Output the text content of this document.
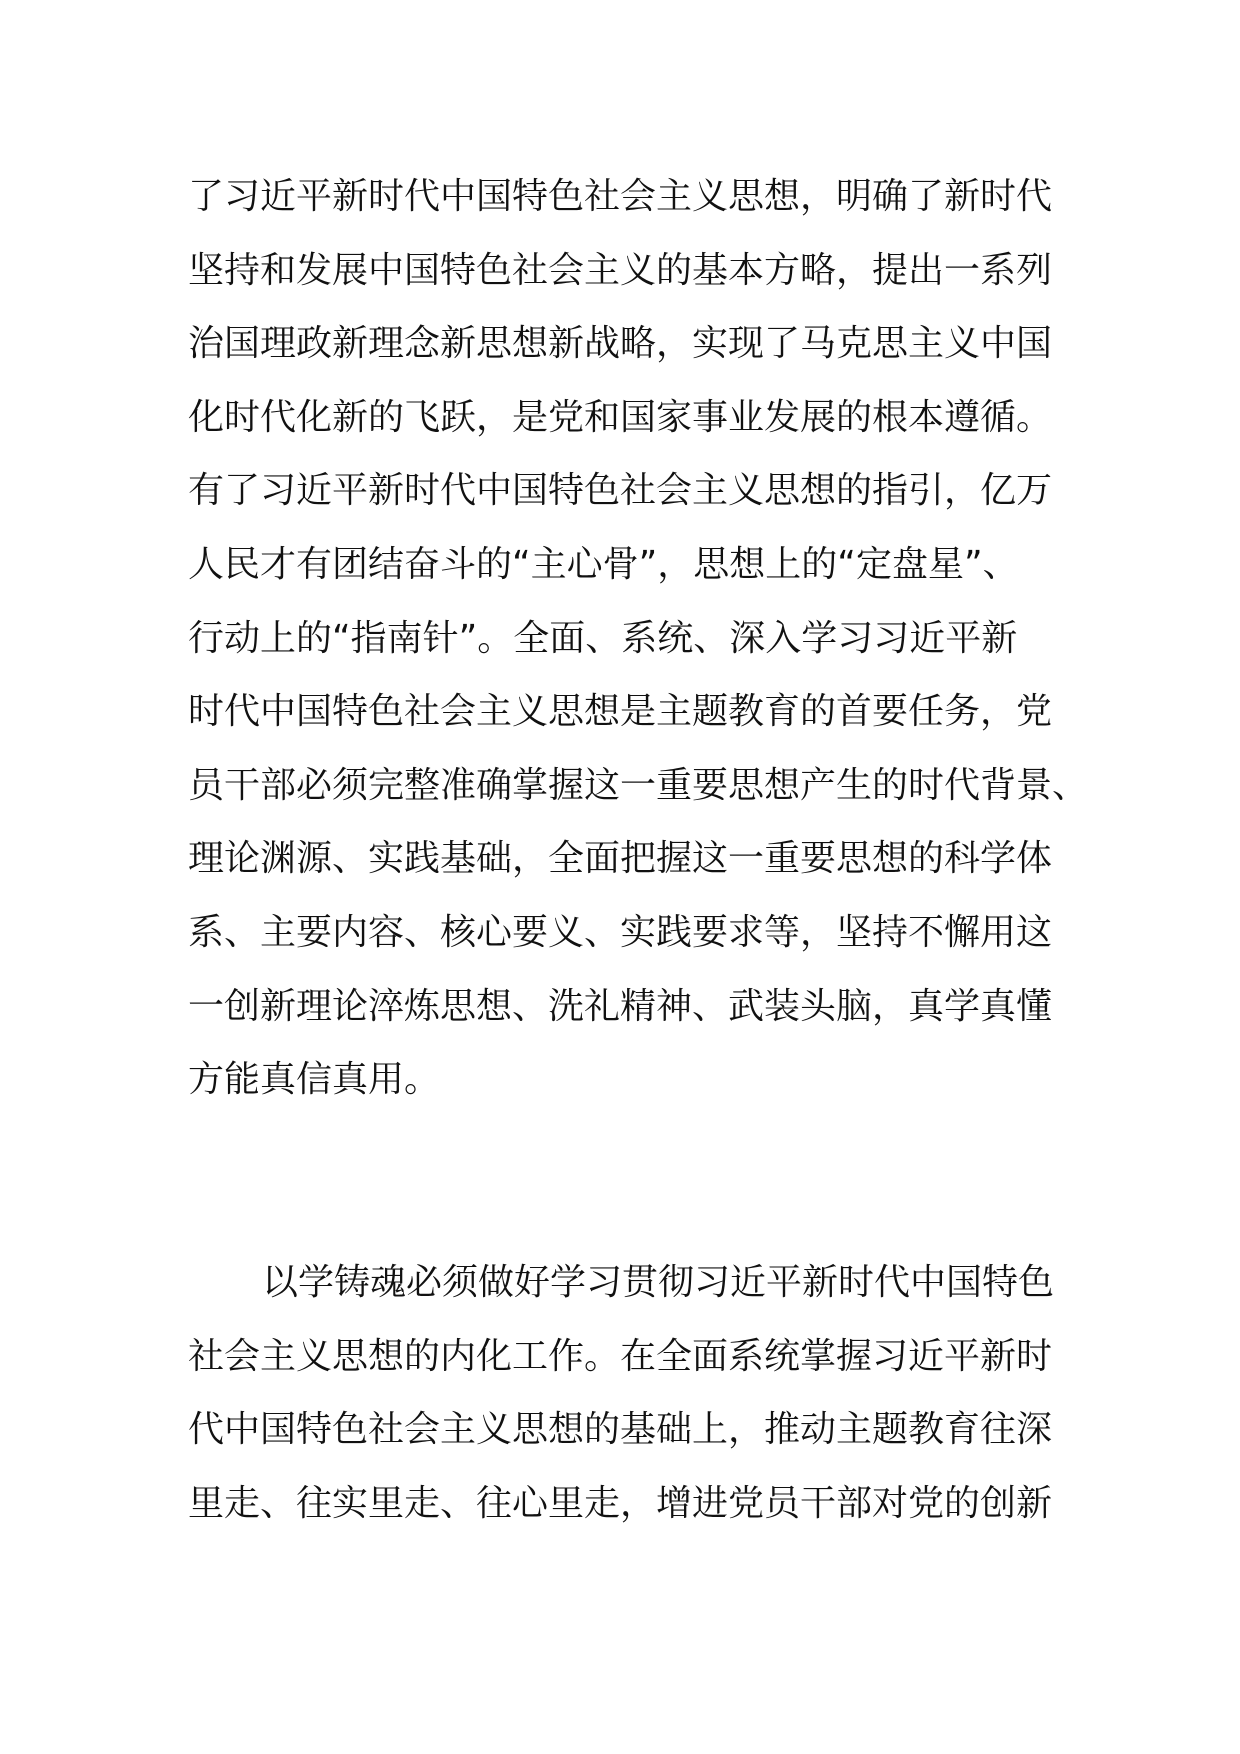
了习近平新时代中国特色社会主义思想，明确了新时代
坚持和发展中国特色社会主义的基本方略，提出一系列
治国理政新理念新思想新战略，实现了马克思主义中国
化时代化新的飞跃，是党和国家事业发展的根本遵循。
有了习近平新时代中国特色社会主义思想的指引，亿万
人民才有团结奋斗的“主心骨”，思想上的“定盘星”、
行动上的“指南针”。全面、系统、深入学习习近平新
时代中国特色社会主义思想是主题教育的首要任务，党
员干部必须完整准确掌握这一重要思想产生的时代背景、
理论渊源、实践基础，全面把握这一重要思想的科学体
系、主要内容、核心要义、实践要求等，坚持不懈用这
一创新理论淬炼思想、洗礼精神、武装头脑，真学真懂
方能真信真用。
以学铸魂必须做好学习贯彻习近平新时代中国特色
社会主义思想的内化工作。在全面系统掌握习近平新时
代中国特色社会主义思想的基础上，推动主题教育往深
里走、往实里走、往心里走，增进党员干部对党的创新
